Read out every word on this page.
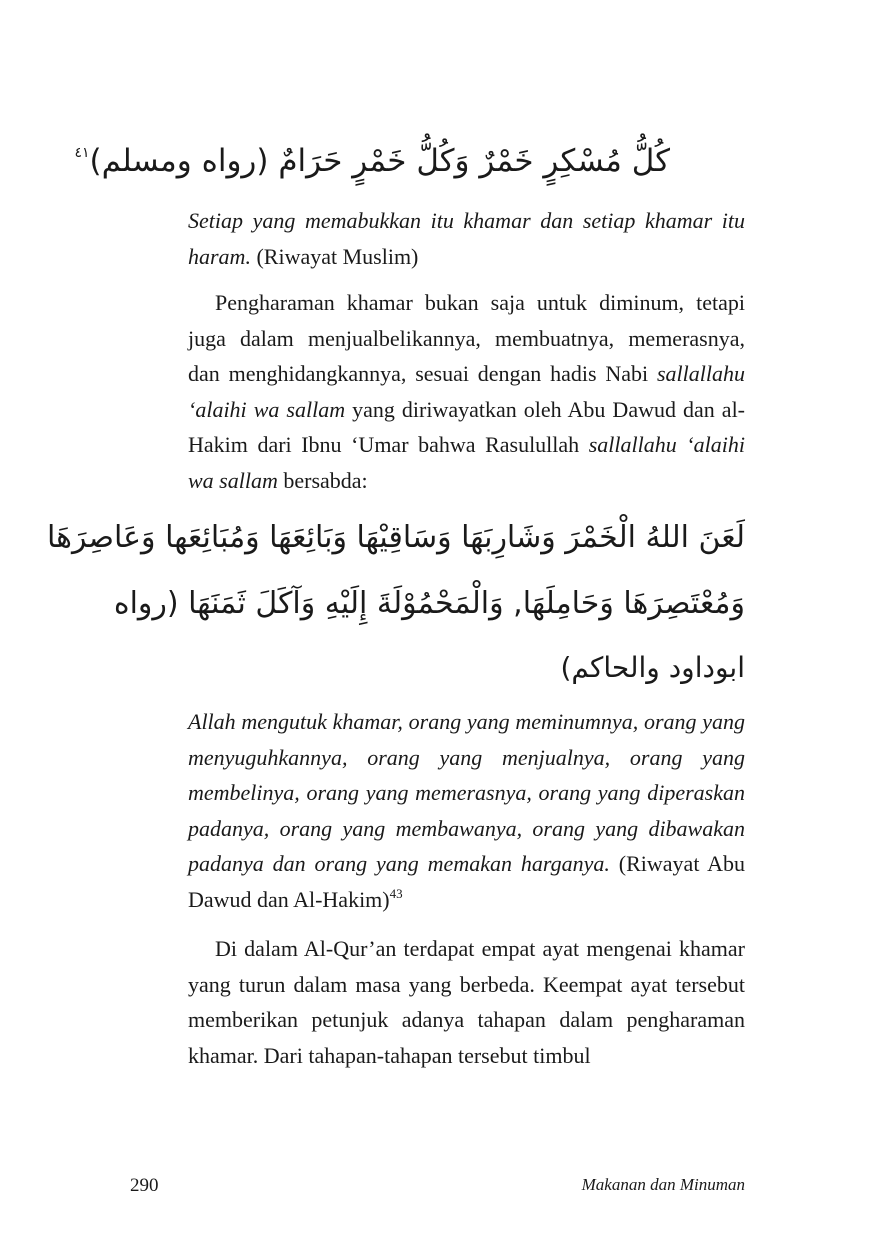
كُلُّ مُسْكِرٍ خَمْرٌ وَكُلُّ خَمْرٍ حَرَامٌ (رواه ومسلم)$^{٤١}$

Setiap yang memabukkan itu khamar dan setiap khamar itu haram. (Riwayat Muslim)

Pengharaman khamar bukan saja untuk diminum, tetapi juga dalam menjualbelikannya, membuatnya, memerasnya, dan menghidangkannya, sesuai dengan hadis Nabi sallallahu ‘alaihi wa sallam yang diriwayatkan oleh Abu Dawud dan al-Hakim dari Ibnu ‘Umar bahwa Rasulullah sallallahu ‘alaihi wa sallam bersabda:

لَعَنَ اللهُ الْخَمْرَ وَشَارِبَهَا وَسَاقِيْهَا وَبَائِعَهَا وَمُبَائِعَها وَعَاصِرَهَا
وَمُعْتَصِرَهَا وَحَامِلَهَا, وَالْمَحْمُوْلَةَ إِلَيْهِ وَآكَلَ ثَمَنَهَا (رواه
ابوداود والحاكم)

Allah mengutuk khamar, orang yang meminumnya, orang yang menyuguhkannya, orang yang menjualnya, orang yang membelinya, orang yang memerasnya, orang yang diperaskan padanya, orang yang membawanya, orang yang dibawakan padanya dan orang yang memakan harganya. (Riwayat Abu Dawud dan Al-Hakim)$^{43}$

Di dalam Al-Qur’an terdapat empat ayat mengenai khamar yang turun dalam masa yang berbeda. Keempat ayat tersebut memberikan petunjuk adanya tahapan dalam pengharaman khamar. Dari tahapan-tahapan tersebut timbul

290	Makanan dan Minuman
